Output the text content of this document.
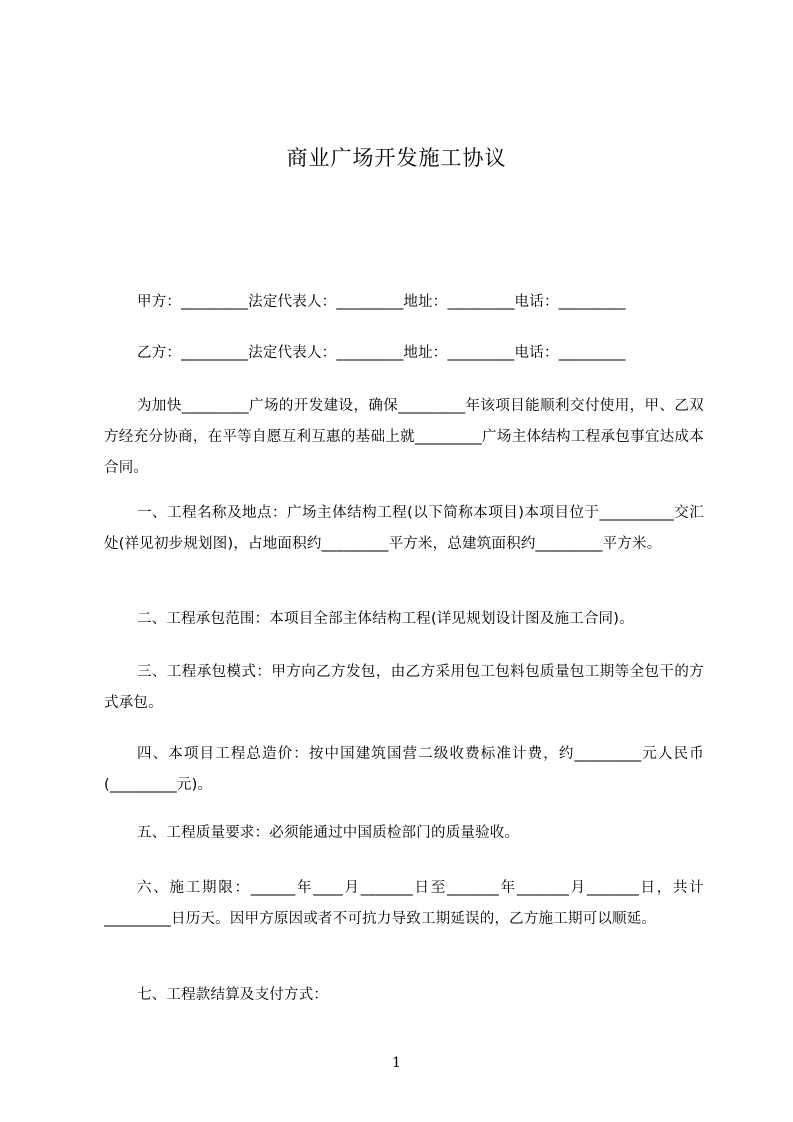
商业广场开发施工协议
甲方：_________法定代表人：_________地址：_________电话：_________
乙方：_________法定代表人：_________地址：_________电话：_________
为加快_________广场的开发建设，确保_________年该项目能顺利交付使用，甲、乙双方经充分协商，在平等自愿互利互惠的基础上就_________广场主体结构工程承包事宜达成本合同。
一、工程名称及地点：广场主体结构工程(以下简称本项目)本项目位于__________交汇处(祥见初步规划图)，占地面积约_________平方米，总建筑面积约_________平方米。
二、工程承包范围：本项目全部主体结构工程(详见规划设计图及施工合同)。
三、工程承包模式：甲方向乙方发包，由乙方采用包工包料包质量包工期等全包干的方式承包。
四、本项目工程总造价：按中国建筑国营二级收费标准计费，约_________元人民币(_________元)。
五、工程质量要求：必须能通过中国质检部门的质量验收。
六、施工期限：______年____月_______日至_______年_______月_______日，共计_________日历天。因甲方原因或者不可抗力导致工期延误的，乙方施工期可以顺延。
七、工程款结算及支付方式：
1
